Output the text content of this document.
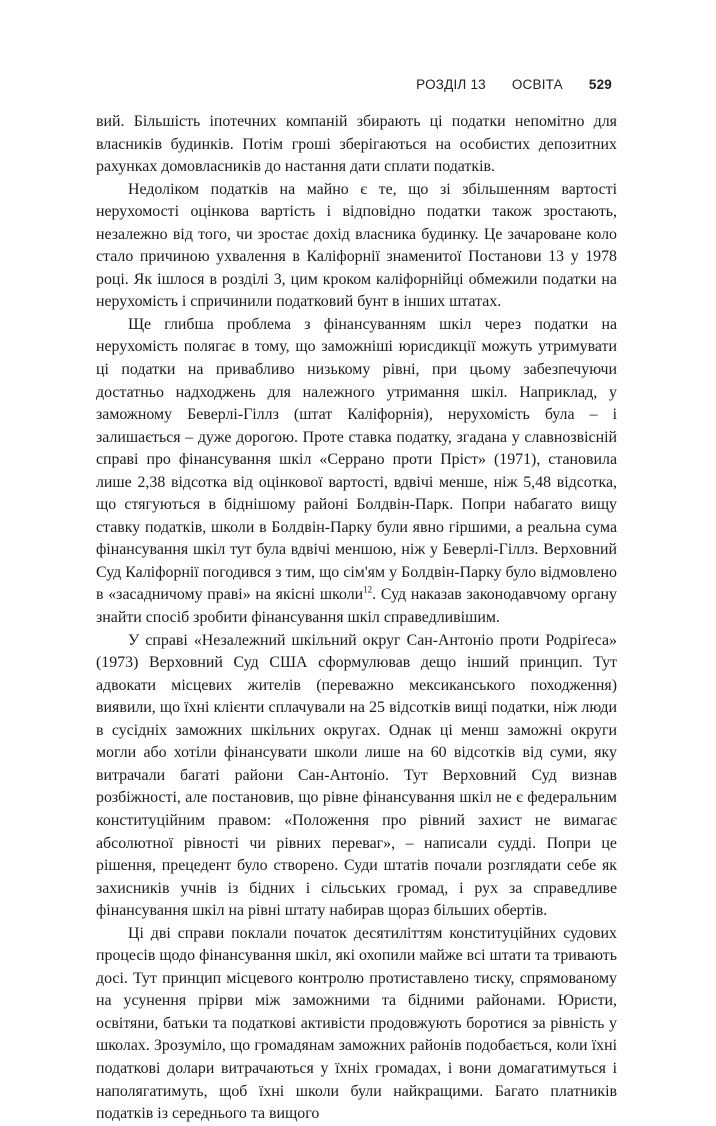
РОЗДІЛ 13 ОСВІТА 529

вий. Більшість іпотечних компаній збирають ці податки непомітно для власників будинків. Потім гроші зберігаються на особистих депозитних рахунках домовласників до настання дати сплати податків.

Недоліком податків на майно є те, що зі збільшенням вартості нерухомості оцінкова вартість і відповідно податки також зростають, незалежно від того, чи зростає дохід власника будинку. Це зачароване коло стало причиною ухвалення в Каліфорнії знаменитої Постанови 13 у 1978 році. Як ішлося в розділі 3, цим кроком каліфорнійці обмежили податки на нерухомість і спричинили податковий бунт в інших штатах.

Ще глибша проблема з фінансуванням шкіл через податки на нерухомість полягає в тому, що заможніші юрисдикції можуть утримувати ці податки на привабливо низькому рівні, при цьому забезпечуючи достатньо надходжень для належного утримання шкіл. Наприклад, у заможному Беверлі-Гіллз (штат Каліфорнія), нерухомість була – і залишається – дуже дорогою. Проте ставка податку, згадана у славнозвісній справі про фінансування шкіл «Серрано проти Пріст» (1971), становила лише 2,38 відсотка від оцінкової вартості, вдвічі менше, ніж 5,48 відсотка, що стягуються в біднішому районі Болдвін-Парк. Попри набагато вищу ставку податків, школи в Болдвін-Парку були явно гіршими, а реальна сума фінансування шкіл тут була вдвічі меншою, ніж у Беверлі-Гіллз. Верховний Суд Каліфорнії погодився з тим, що сім'ям у Болдвін-Парку було відмовлено в «засадничому праві» на якісні школи$^{12}$. Суд наказав законодавчому органу знайти спосіб зробити фінансування шкіл справедливішим.

У справі «Незалежний шкільний округ Сан-Антоніо проти Родріґеса» (1973) Верховний Суд США сформулював дещо інший принцип. Тут адвокати місцевих жителів (переважно мексиканського походження) виявили, що їхні клієнти сплачували на 25 відсотків вищі податки, ніж люди в сусідніх заможних шкільних округах. Однак ці менш заможні округи могли або хотіли фінансувати школи лише на 60 відсотків від суми, яку витрачали багаті райони Сан-Антоніо. Тут Верховний Суд визнав розбіжності, але постановив, що рівне фінансування шкіл не є федеральним конституційним правом: «Положення про рівний захист не вимагає абсолютної рівності чи рівних переваг», – написали судді. Попри це рішення, прецедент було створено. Суди штатів почали розглядати себе як захисників учнів із бідних і сільських громад, і рух за справедливе фінансування шкіл на рівні штату набирав щораз більших обертів.

Ці дві справи поклали початок десятиліттям конституційних судових процесів щодо фінансування шкіл, які охопили майже всі штати та тривають досі. Тут принцип місцевого контролю протиставлено тиску, спрямованому на усунення прірви між заможними та бідними районами. Юристи, освітяни, батьки та податкові активісти продовжують боротися за рівність у школах. Зрозуміло, що громадянам заможних районів подобається, коли їхні податкові долари витрачаються у їхніх громадах, і вони домагатимуться і наполягатимуть, щоб їхні школи були найкращими. Багато платників податків із середнього та вищого
